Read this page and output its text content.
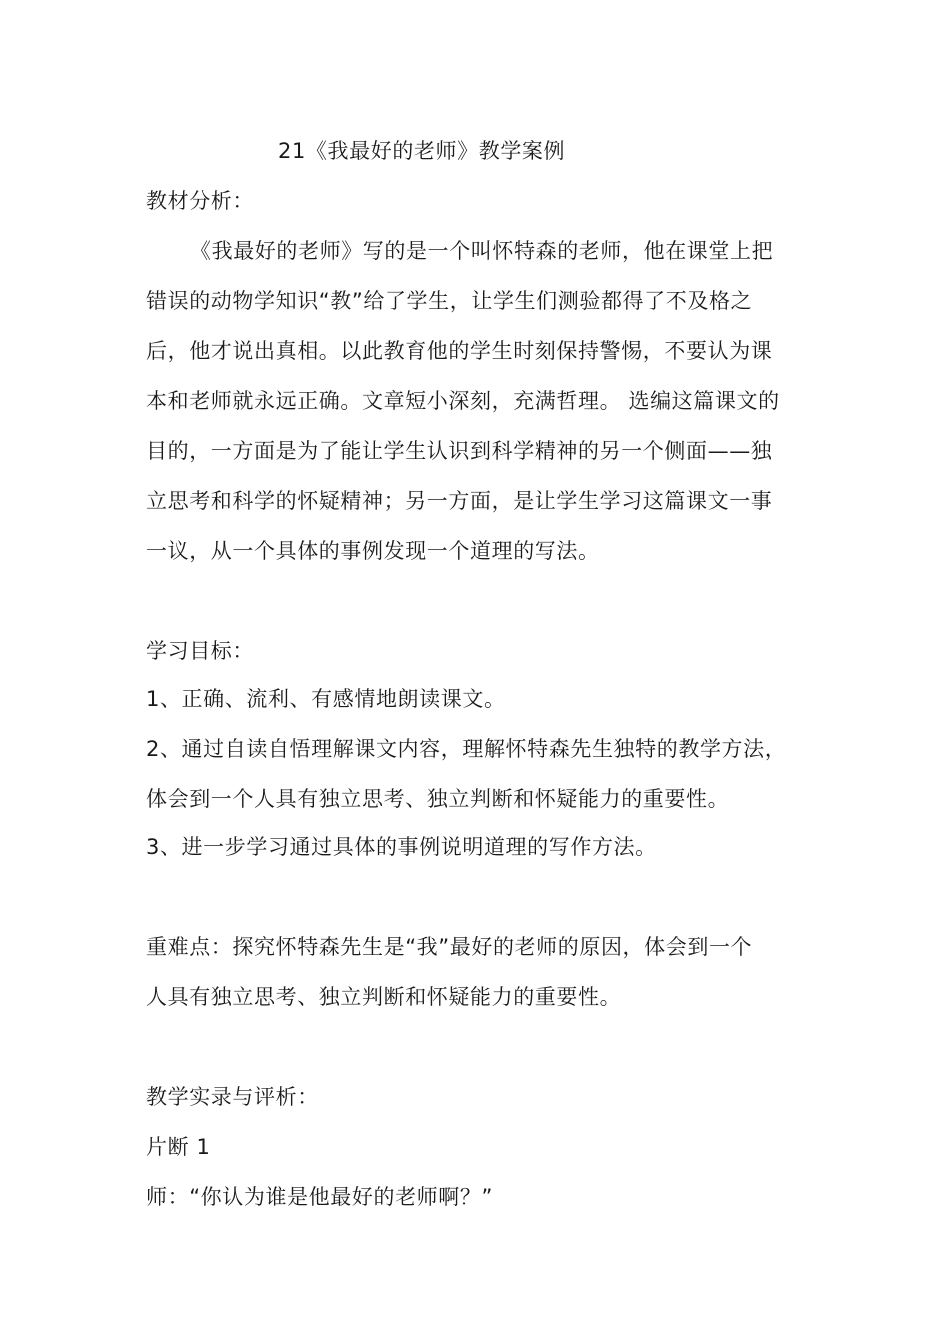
21《我最好的老师》教学案例
教材分析：
《我最好的老师》写的是一个叫怀特森的老师，他在课堂上把
错误的动物学知识“教”给了学生，让学生们测验都得了不及格之
后，他才说出真相。以此教育他的学生时刻保持警惕，不要认为课
本和老师就永远正确。文章短小深刻，充满哲理。 选编这篇课文的
目的，一方面是为了能让学生认识到科学精神的另一个侧面——独
立思考和科学的怀疑精神；另一方面，是让学生学习这篇课文一事
一议，从一个具体的事例发现一个道理的写法。
学习目标：
1、正确、流利、有感情地朗读课文。
2、通过自读自悟理解课文内容，理解怀特森先生独特的教学方法，
体会到一个人具有独立思考、独立判断和怀疑能力的重要性。
3、进一步学习通过具体的事例说明道理的写作方法。
重难点：探究怀特森先生是“我”最好的老师的原因，体会到一个
人具有独立思考、独立判断和怀疑能力的重要性。
教学实录与评析：
片断 1
师：“你认为谁是他最好的老师啊？”
